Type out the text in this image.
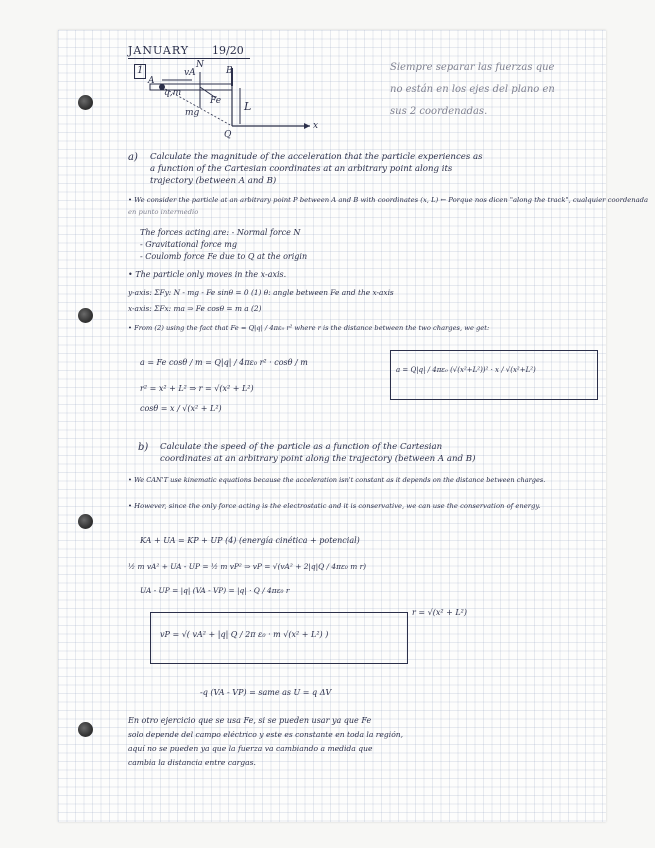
JANUARY 19/20
1
A
B
N
Q
L
x
mg
Fe
vA
q,m
Siempre separar las fuerzas que
no están en los ejes del plano en
sus 2 coordenadas.
a) Calculate the magnitude of the acceleration that the particle experiences as
a function of the Cartesian coordinates at an arbitrary point along its
trajectory (between A and B)
• We consider the particle at an arbitrary point P between A and B with coordinates (x, L) ← Porque nos dicen "along the track", cualquier coordenada
en punto intermedio
The forces acting are: - Normal force N
- Gravitational force mg
- Coulomb force Fe due to Q at the origin
• The particle only moves in the x-axis.
y-axis: ΣFy: N - mg - Fe sinθ = 0 (1) θ: angle between Fe and the x-axis
x-axis: ΣFx: ma ⇒ Fe cosθ = m a (2)
• From (2) using the fact that Fe = Q|q| / 4πε₀ r² where r is the distance between the two charges, we get:
a = Fe cosθ / m = Q|q| / 4πε₀ r² · cosθ / m
r² = x² + L² ⇒ r = √(x² + L²)
cosθ = x / √(x² + L²)
a = Q|q| / 4πε₀ (√(x²+L²))² · x / √(x²+L²)
b) Calculate the speed of the particle as a function of the Cartesian
coordinates at an arbitrary point along the trajectory (between A and B)
• We CAN'T use kinematic equations because the acceleration isn't constant as it depends on the distance between charges.
• However, since the only force acting is the electrostatic and it is conservative, we can use the conservation of energy.
KA + UA = KP + UP (4) (energía cinética + potencial)
½ m vA² + UA - UP = ½ m vP² ⇒ vP = √(vA² + 2|q|Q / 4πε₀ m r)
UA - UP = |q| (VA - VP) = |q| · Q / 4πε₀ r
r = √(x² + L²)
vP = √( vA² + |q| Q / 2π ε₀ · m √(x² + L²) )
-q (VA - VP) = same as U = q ΔV
En otro ejercicio que se usa Fe, si se pueden usar ya que Fe
solo depende del campo eléctrico y este es constante en toda la región,
aquí no se pueden ya que la fuerza va cambiando a medida que
cambia la distancia entre cargas.
